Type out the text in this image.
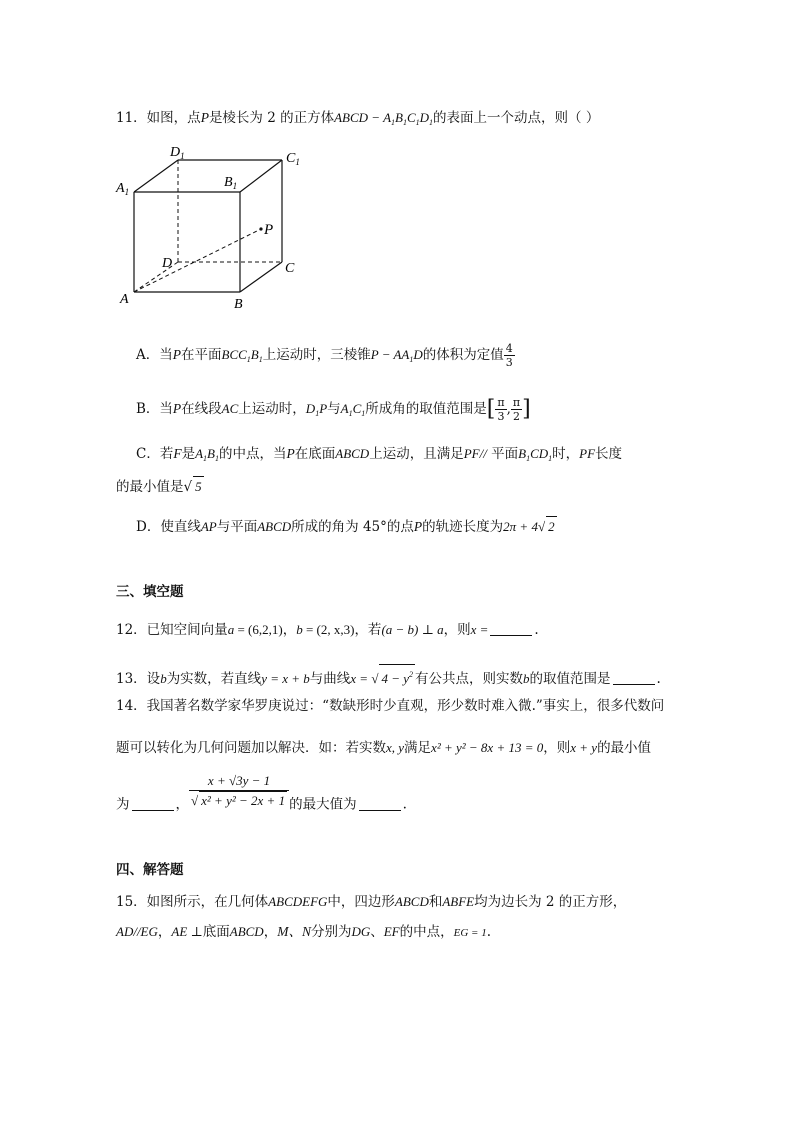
11．如图，点P是棱长为 2 的正方体ABCD − $A_1B_1C_1D_1$的表面上一个动点，则（ ）
$D_1$	$C_1$
$A_1$
$B_1$
P
D	C
A	B
A．当P在平面$BCC_1B_1$上运动时，三棱锥$P - AA_1D$的体积为定值 $\frac{4}{3}$
B．当P在线段AC上运动时，$D_1P$与$A_1C_1$所成角的取值范围是[ $\frac{\pi}{3}$ , $\frac{\pi}{2}$ ]
C．若F是$A_1B_1$的中点，当P在底面ABCD上运动，且满足PF// 平面$B_1CD_1$时，PF长度
的最小值是√ 5
D．使直线AP与平面ABCD所成的角为 45°的点P的轨迹长度为2π + 4√ 2
三、填空题
12．已知空间向量a = (6,2,1)，b = (2, x,3)，若(a − b) ⊥ a，则x =	.
13．设b为实数，若直线y = x + b与曲线x = √ $4 - y^2$ 有公共点，则实数b的取值范围是	.
14．我国著名数学家华罗庚说过：“数缺形时少直观，形少数时难入微.”事实上，很多代数问
题可以转化为几何问题加以解决．如：若实数x, y满足x² + y² − 8x + 13 = 0，则x + y的最小值
为	， $\frac{x + √3y - 1}{\text{√ x² + y² − 2x + 1}}$ 的最大值为	.
四、解答题
15．如图所示，在几何体ABCDEFG中，四边形ABCD和ABFE均为边长为 2 的正方形，
AD//EG，AE ⊥底面ABCD，M、N分别为DG、EF的中点，EG = 1.
